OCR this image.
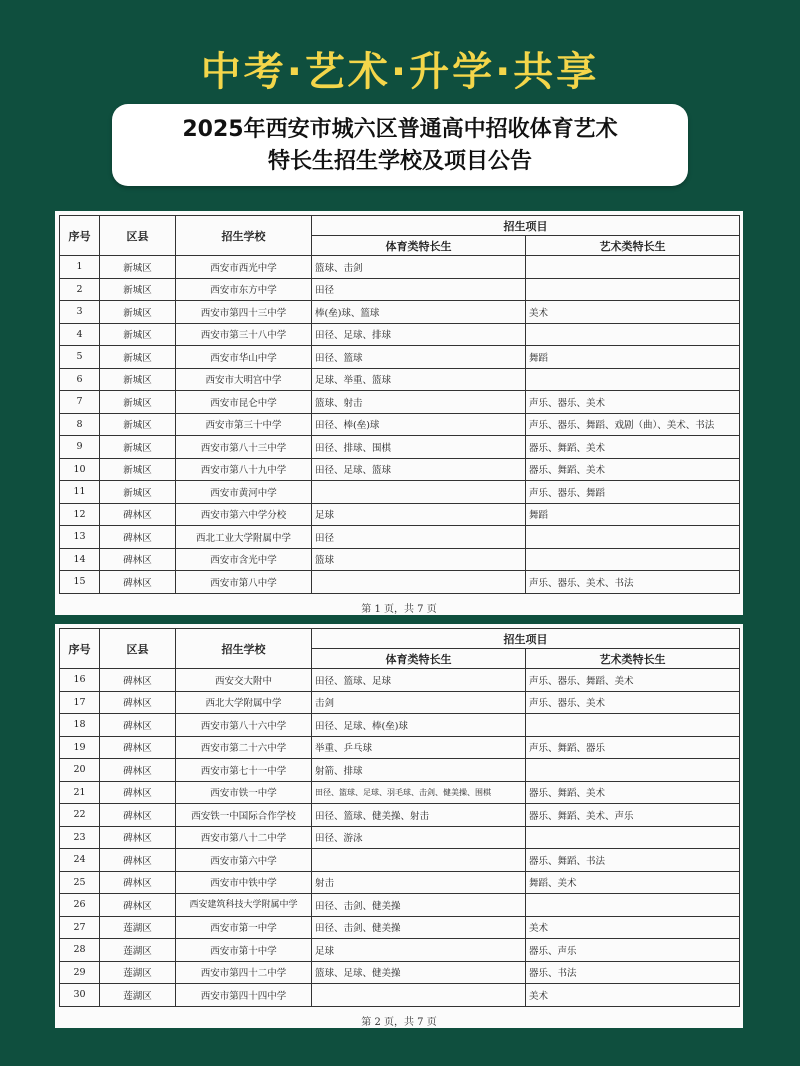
中考·艺术·升学·共享
2025年西安市城六区普通高中招收体育艺术
特长生招生学校及项目公告
序号	区县	招生学校	招生项目	
			体育类特长生	艺术类特长生
1	新城区	西安市西光中学	篮球、击剑	
2	新城区	西安市东方中学	田径	
3	新城区	西安市第四十三中学	棒(垒)球、篮球	美术
4	新城区	西安市第三十八中学	田径、足球、排球	
5	新城区	西安市华山中学	田径、篮球	舞蹈
6	新城区	西安市大明宫中学	足球、举重、篮球	
7	新城区	西安市昆仑中学	篮球、射击	声乐、器乐、美术
8	新城区	西安市第三十中学	田径、棒(垒)球	声乐、器乐、舞蹈、戏剧（曲）、美术、书法
9	新城区	西安市第八十三中学	田径、排球、围棋	器乐、舞蹈、美术
10	新城区	西安市第八十九中学	田径、足球、篮球	器乐、舞蹈、美术
11	新城区	西安市黄河中学		声乐、器乐、舞蹈
12	碑林区	西安市第六中学分校	足球	舞蹈
13	碑林区	西北工业大学附属中学	田径	
14	碑林区	西安市含光中学	篮球	
15	碑林区	西安市第八中学		声乐、器乐、美术、书法
第 1 页，共 7 页
序号	区县	招生学校	招生项目	
			体育类特长生	艺术类特长生
16	碑林区	西安交大附中	田径、篮球、足球	声乐、器乐、舞蹈、美术
17	碑林区	西北大学附属中学	击剑	声乐、器乐、美术
18	碑林区	西安市第八十六中学	田径、足球、棒(垒)球	
19	碑林区	西安市第二十六中学	举重、乒乓球	声乐、舞蹈、器乐
20	碑林区	西安市第七十一中学	射箭、排球	
21	碑林区	西安市铁一中学	田径、篮球、足球、羽毛球、击剑、健美操、围棋	器乐、舞蹈、美术
22	碑林区	西安铁一中国际合作学校	田径、篮球、健美操、射击	器乐、舞蹈、美术、声乐
23	碑林区	西安市第八十二中学	田径、游泳	
24	碑林区	西安市第六中学		器乐、舞蹈、书法
25	碑林区	西安市中铁中学	射击	舞蹈、美术
26	碑林区	西安建筑科技大学附属中学	田径、击剑、健美操	
27	莲湖区	西安市第一中学	田径、击剑、健美操	美术
28	莲湖区	西安市第十中学	足球	器乐、声乐
29	莲湖区	西安市第四十二中学	篮球、足球、健美操	器乐、书法
30	莲湖区	西安市第四十四中学		美术
第 2 页，共 7 页
